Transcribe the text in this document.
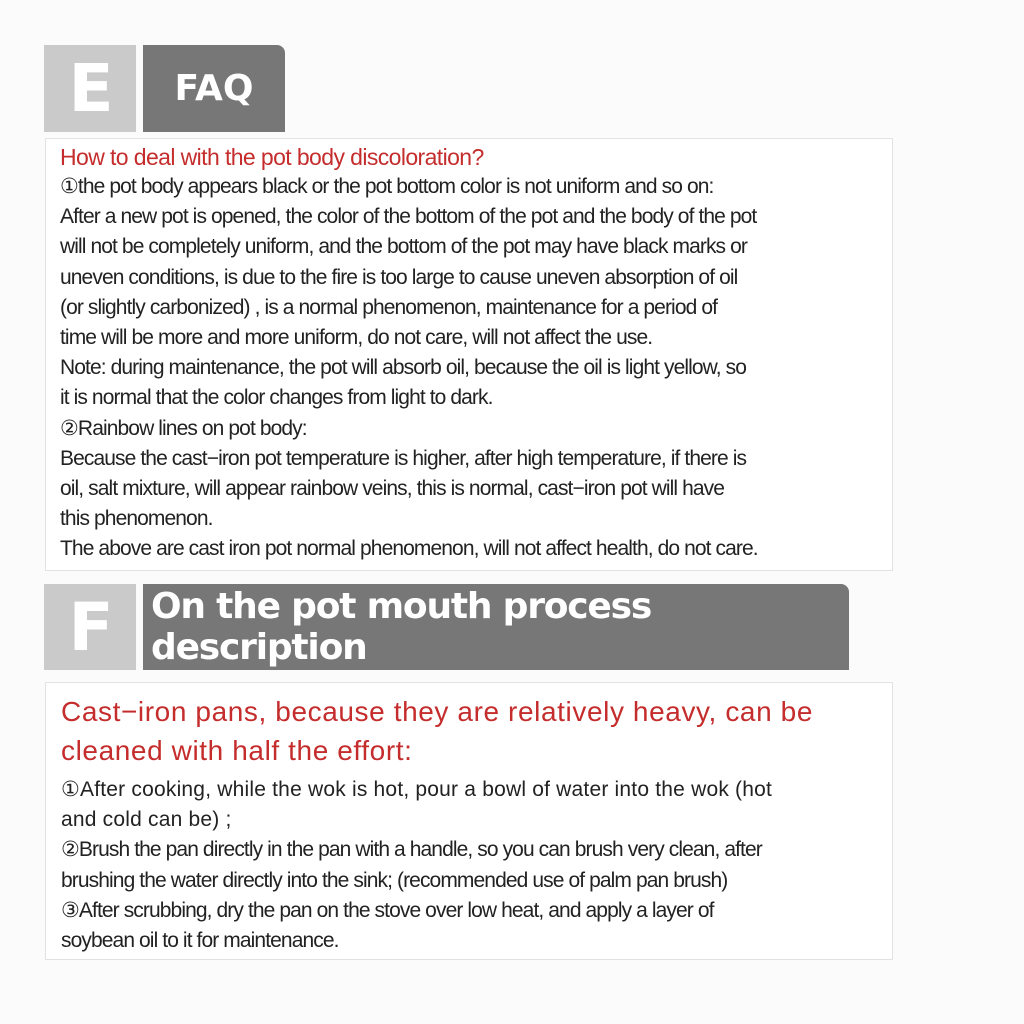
E	FAQ
How to deal with the pot body discoloration?
①the pot body appears black or the pot bottom color is not uniform and so on:
After a new pot is opened, the color of the bottom of the pot and the body of the pot
will not be completely uniform, and the bottom of the pot may have black marks or
uneven conditions, is due to the fire is too large to cause uneven absorption of oil
(or slightly carbonized) , is a normal phenomenon, maintenance for a period of
time will be more and more uniform, do not care, will not affect the use.
Note: during maintenance, the pot will absorb oil, because the oil is light yellow, so
it is normal that the color changes from light to dark.
②Rainbow lines on pot body:
Because the cast−iron pot temperature is higher, after high temperature, if there is
oil, salt mixture, will appear rainbow veins, this is normal, cast−iron pot will have
this phenomenon.
The above are cast iron pot normal phenomenon, will not affect health, do not care.
F	On the pot mouth process description
Cast−iron pans, because they are relatively heavy, can be
cleaned with half the effort:
①After cooking, while the wok is hot, pour a bowl of water into the wok (hot
and cold can be) ;
②Brush the pan directly in the pan with a handle, so you can brush very clean, after
brushing the water directly into the sink; (recommended use of palm pan brush)
③After scrubbing, dry the pan on the stove over low heat, and apply a layer of
soybean oil to it for maintenance.
